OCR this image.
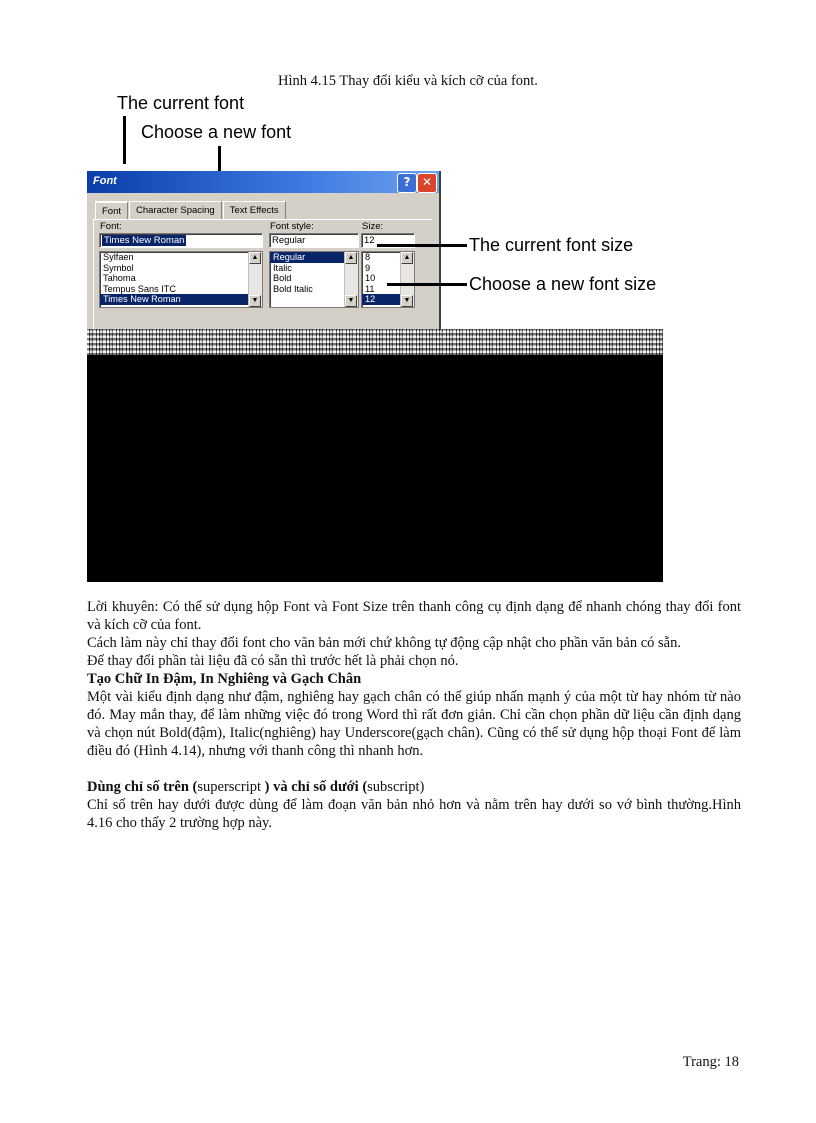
Hình 4.15 Thay đổi kiểu và kích cỡ của font.
The current font
Choose a new font
Font	? ✕
Font	Character Spacing	Text Effects
Font:	Font style:	Size:
Times New Roman	Regular	12
Sylfaen
Symbol
Tahoma
Tempus Sans ITC
Times New Roman
▲
▼
Regular
Italic
Bold
Bold Italic
▲
▼
8
9
10
11
12
▲
▼
The current font size
Choose a new font size

Lời khuyên: Có thể sử dụng hộp Font và Font Size trên thanh công cụ định dạng để nhanh chóng thay đổi font và kích cỡ của font.

Cách làm này chỉ thay đổi font cho văn bản mới chứ không tự động cập nhật cho phần văn bản có sẵn.

Để thay đổi phần tài liệu đã có sẵn thì trước hết là phải chọn nó.

Tạo Chữ In Đậm, In Nghiêng và Gạch Chân

Một vài kiểu định dạng như đậm, nghiêng hay gạch chân có thể giúp nhấn mạnh ý của một từ hay nhóm từ nào đó. May mắn thay, để làm những việc đó trong Word thì rất đơn giản. Chỉ cần chọn phần dữ liệu cần định dạng và chọn nút Bold(đậm), Italic(nghiêng) hay Underscore(gạch chân). Cũng có thể sử dụng hộp thoại Font để làm điều đó (Hình 4.14), nhưng với thanh công thì nhanh hơn.

Dùng chỉ số trên (superscript ) và chỉ số dưới (subscript)

Chỉ số trên hay dưới được dùng để làm đoạn văn bản nhỏ hơn và nằm trên hay dưới so vớ bình thường.Hình 4.16 cho thấy 2 trường hợp này.

Trang: 18
